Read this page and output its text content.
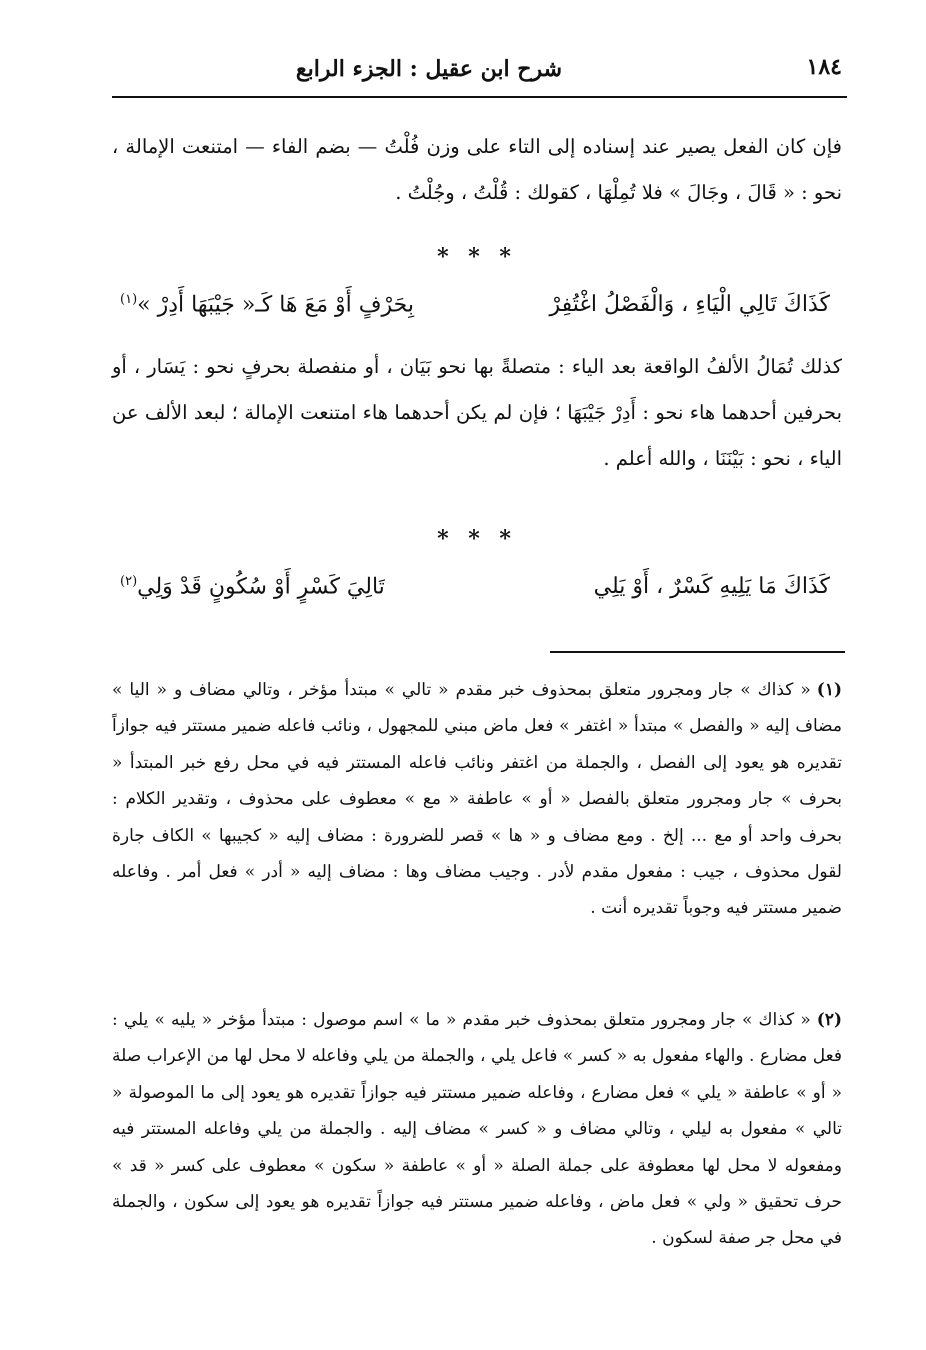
١٨٤
شرح ابن عقيل : الجزء الرابع
فإن كان الفعل يصير عند إسناده إلى التاء على وزن فُلْتُ — بضم الفاء — امتنعت الإمالة ، نحو : « قَالَ ، وجَالَ » فلا تُمِلْهَا ، كقولك : قُلْتُ ، وجُلْتُ .
* * *
كَذَاكَ تَالِي الْيَاءِ ، وَالْفَصْلُ اغْتُفِرْ
بِحَرْفٍ أَوْ مَعَ هَا كَـ« جَيْبَهَا أَدِرْ »$^{(١)}$
كذلك تُمَالُ الألفُ الواقعة بعد الياء : متصلةً بها نحو بَيَان ، أو منفصلة بحرفٍ نحو : يَسَار ، أو بحرفين أحدهما هاء نحو : أَدِرْ جَيْبَهَا ؛ فإن لم يكن أحدهما هاء امتنعت الإمالة ؛ لبعد الألف عن الياء ، نحو : بَيْنَنَا ، والله أعلم .
* * *
كَذَاكَ مَا يَلِيهِ كَسْرٌ ، أَوْ يَلِي
تَالِيَ كَسْرٍ أَوْ سُكُونٍ قَدْ وَلِي$^{(٢)}$
(١)« كذاك » جار ومجرور متعلق بمحذوف خبر مقدم « تالي » مبتدأ مؤخر ، وتالي مضاف و « اليا » مضاف إليه « والفصل » مبتدأ « اغتفر » فعل ماض مبني للمجهول ، ونائب فاعله ضمير مستتر فيه جوازاً تقديره هو يعود إلى الفصل ، والجملة من اغتفر ونائب فاعله المستتر فيه في محل رفع خبر المبتدأ « بحرف » جار ومجرور متعلق بالفصل « أو » عاطفة « مع » معطوف على محذوف ، وتقدير الكلام : بحرف واحد أو مع ... إلخ . ومع مضاف و « ها » قصر للضرورة : مضاف إليه « كجيبها » الكاف جارة لقول محذوف ، جيب : مفعول مقدم لأدر . وجيب مضاف وها : مضاف إليه « أدر » فعل أمر . وفاعله ضمير مستتر فيه وجوباً تقديره أنت .
(٢)« كذاك » جار ومجرور متعلق بمحذوف خبر مقدم « ما » اسم موصول : مبتدأ مؤخر « يليه » يلي : فعل مضارع . والهاء مفعول به « كسر » فاعل يلي ، والجملة من يلي وفاعله لا محل لها من الإعراب صلة « أو » عاطفة « يلي » فعل مضارع ، وفاعله ضمير مستتر فيه جوازاً تقديره هو يعود إلى ما الموصولة « تالي » مفعول به ليلي ، وتالي مضاف و « كسر » مضاف إليه . والجملة من يلي وفاعله المستتر فيه ومفعوله لا محل لها معطوفة على جملة الصلة « أو » عاطفة « سكون » معطوف على كسر « قد » حرف تحقيق « ولي » فعل ماض ، وفاعله ضمير مستتر فيه جوازاً تقديره هو يعود إلى سكون ، والجملة في محل جر صفة لسكون .
